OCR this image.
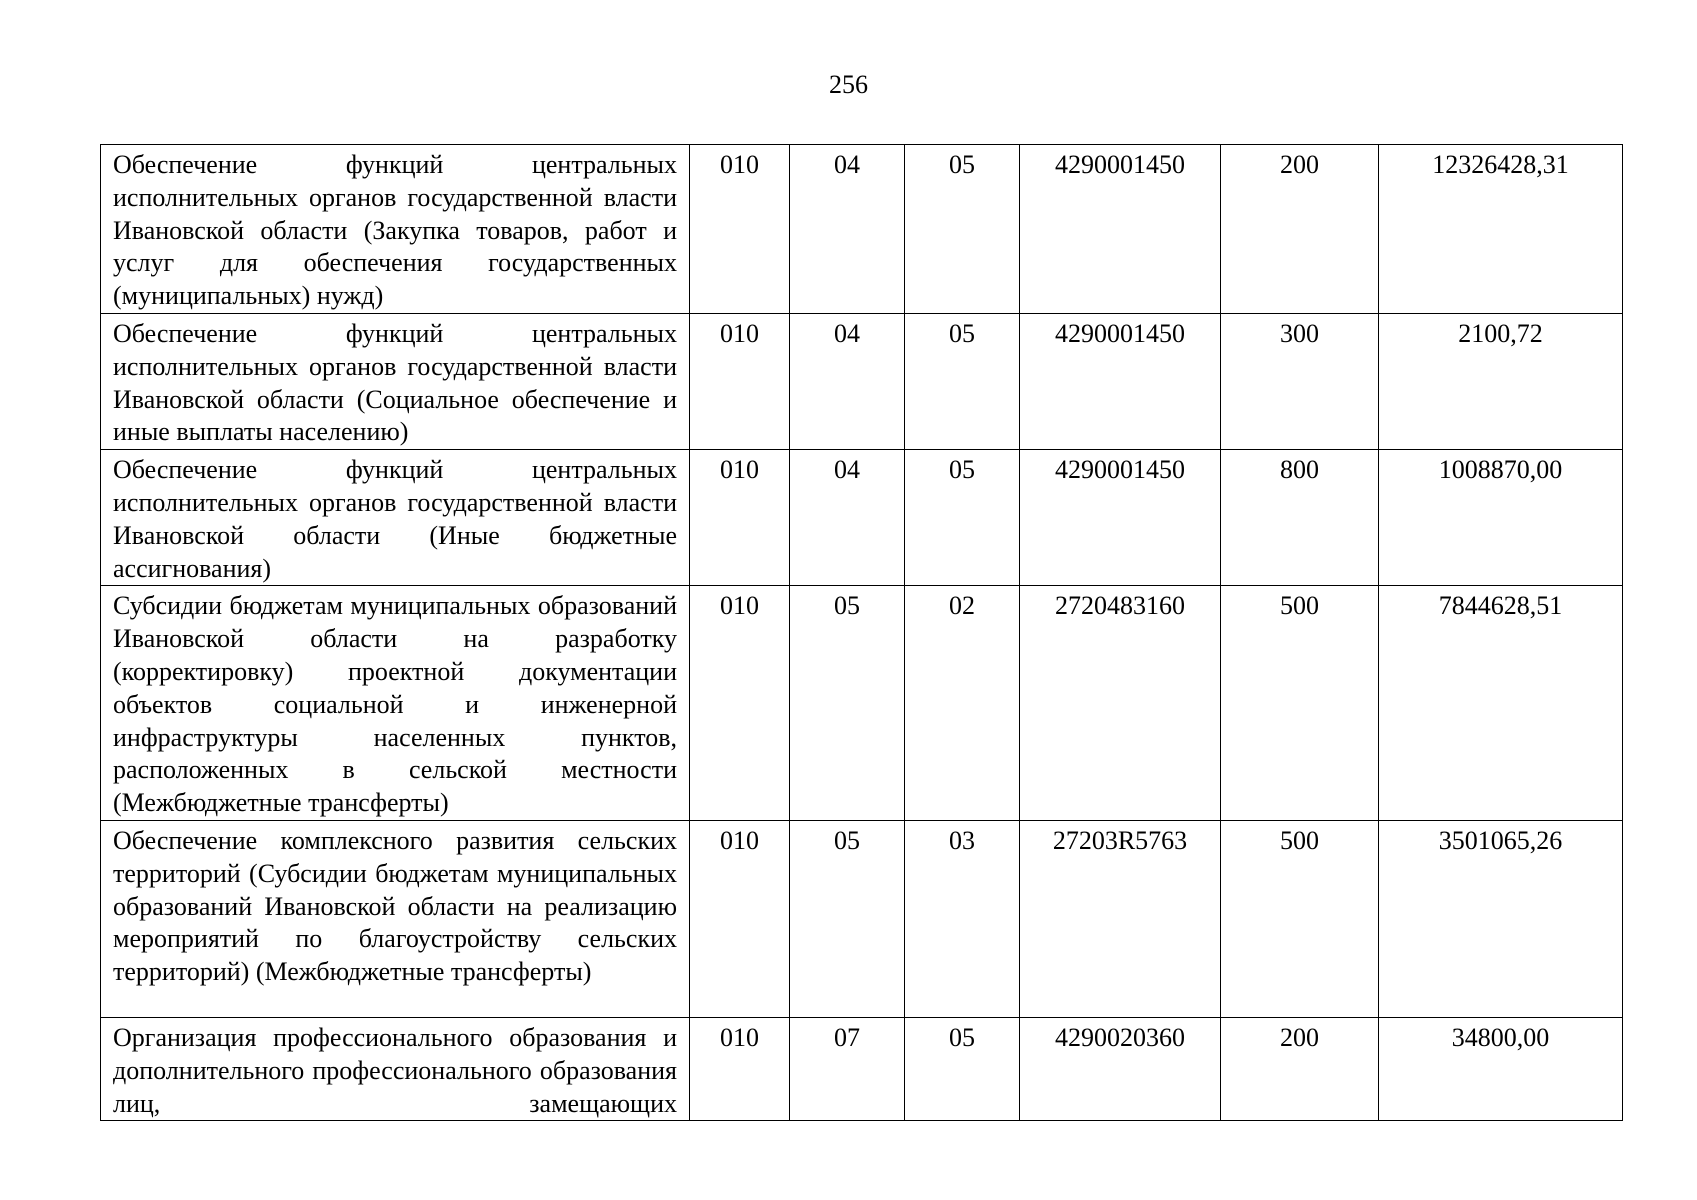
256
Обеспечение функций центральных исполнительных органов государственной власти Ивановской области (Закупка товаров, работ и услуг для обеспечения государственных (муниципальных) нужд)	010	04	05	4290001450	200	12326428,31
Обеспечение функций центральных исполнительных органов государственной власти Ивановской области (Социальное обеспечение и иные выплаты населению)	010	04	05	4290001450	300	2100,72
Обеспечение функций центральных исполнительных органов государственной власти Ивановской области (Иные бюджетные ассигнования)	010	04	05	4290001450	800	1008870,00
Субсидии бюджетам муниципальных образований Ивановской области на разработку (корректировку) проектной документации объектов социальной и инженерной инфраструктуры населенных пунктов, расположенных в сельской местности (Межбюджетные трансферты)	010	05	02	2720483160	500	7844628,51
Обеспечение комплексного развития сельских территорий (Субсидии бюджетам муниципальных образований Ивановской области на реализацию мероприятий по благоустройству сельских территорий) (Межбюджетные трансферты)	010	05	03	27203R5763	500	3501065,26

Организация профессионального образования и дополнительного профессионального образования лиц, замещающих	010	07	05	4290020360	200	34800,00
